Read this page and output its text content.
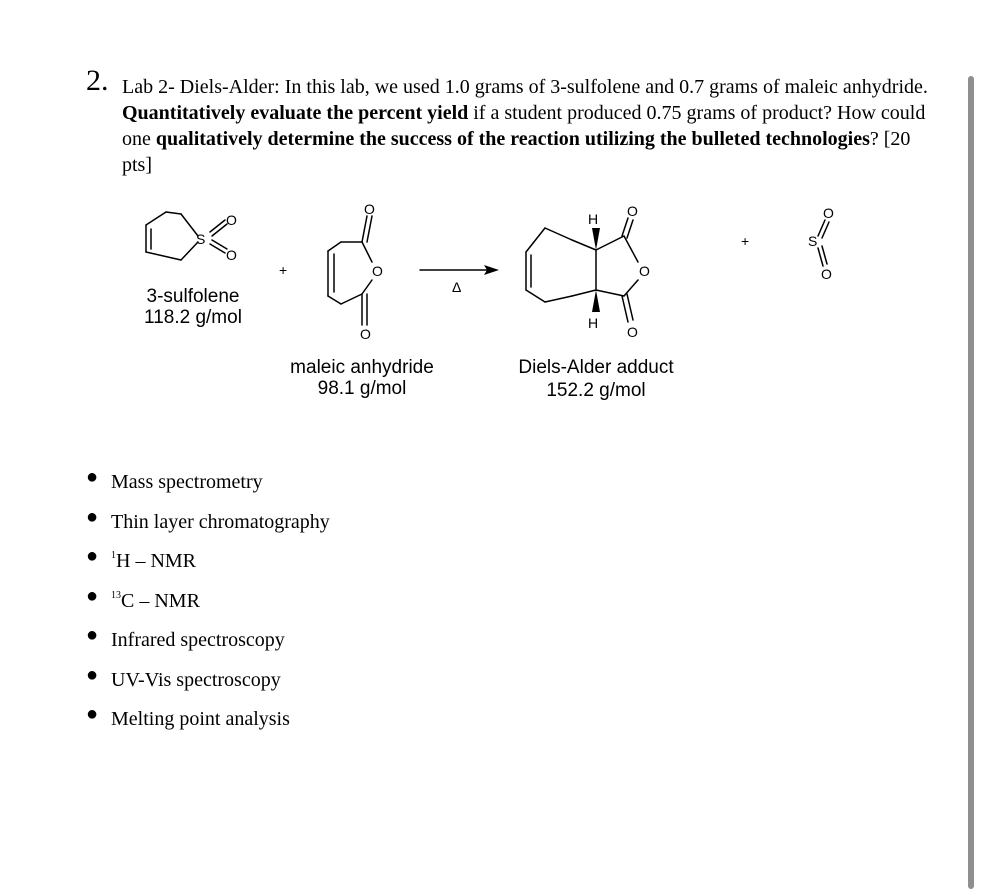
2. Lab 2- Diels-Alder: In this lab, we used 1.0 grams of 3-sulfolene and 0.7 grams of maleic anhydride. Quantitatively evaluate the percent yield if a student produced 0.75 grams of product? How could one qualitatively determine the success of the reaction utilizing the bulleted technologies? [20 pts]
S
O
O
O
O
O
H
H
O
O
O
S
O
O
+
+
Δ
3-sulfolene
118.2 g/mol
maleic anhydride
98.1 g/mol
Diels-Alder adduct
152.2 g/mol
● Mass spectrometry
● Thin layer chromatography
● $^1$H – NMR
● $^{13}$C – NMR
● Infrared spectroscopy
● UV-Vis spectroscopy
● Melting point analysis
